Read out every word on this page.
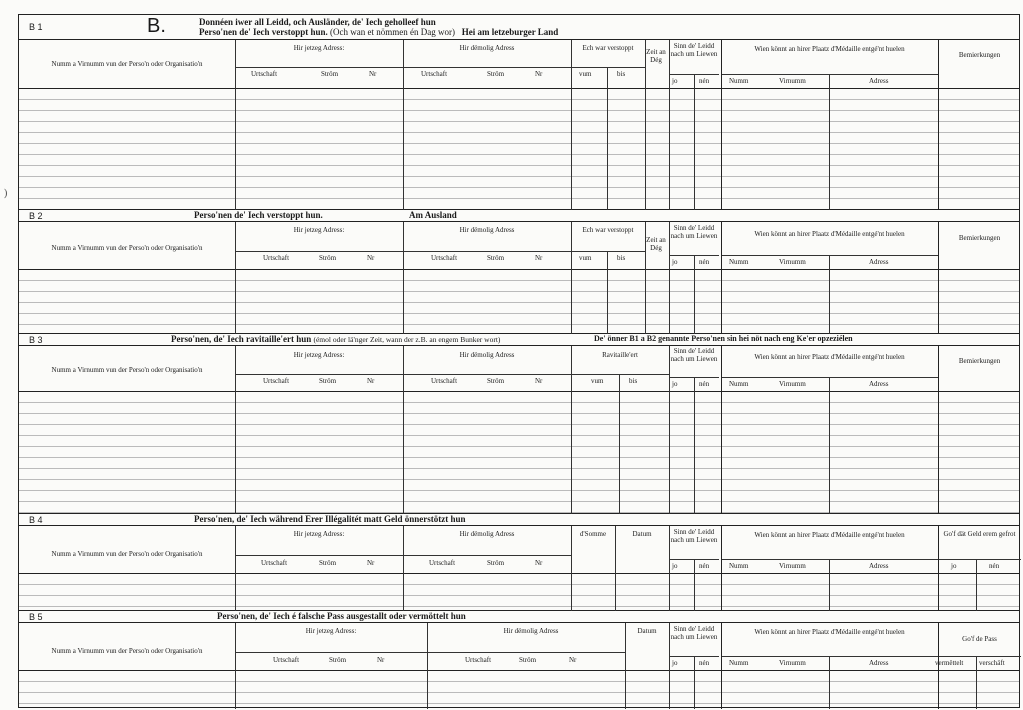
)
B 1	B.	Donnéen iwer all Leidd, och Ausländer, de' Iech geholleef hun
Perso'nen de' Iech verstoppt hun. (Och wan et nömmen én Dag wor) Hei am letzeburger Land
Numm a Virnumm vun der Perso'n oder Organisatio'n
Hir jetzeg Adress:
Urtschaft	Ström	Nr
Hir dëmolig Adress
Urtschaft	Ström	Nr
Ech war verstoppt
vum	bis
Zeit an Dég
Sinn de' Leidd nach um Liewen
jo	nén
Wien könnt an hirer Plaatz d'Médaille entgé'nt huelen
Numm	Virnumm	Adress
Bemierkungen
B 2	Perso'nen de' Iech verstoppt hun.	Am Ausland
Numm a Virnumm vun der Perso'n oder Organisatio'n
Hir jetzeg Adress:
Urtschaft	Ström	Nr
Hir dëmolig Adress
Urtschaft	Ström	Nr
Ech war verstoppt
vum	bis
Zeit an Dég
Sinn de' Leidd nach um Liewen
jo	nén
Wien könnt an hirer Plaatz d'Médaille entgé'nt huelen
Numm	Virnumm	Adress
Bemierkungen
B 3	Perso'nen, de' Iech ravitaille'ert hun (émol oder lä'nger Zeit, wann der z.B. an engem Bunker wort)	De' önner B1 a B2 genannte Perso'nen sin hei nöt nach eng Ke'er opzeziélen
Numm a Virnumm vun der Perso'n oder Organisatio'n
Hir jetzeg Adress:
Urtschaft	Ström	Nr
Hir dëmolig Adress
Urtschaft	Ström	Nr
Ravitaille'ert
vum	bis
Sinn de' Leidd nach um Liewen
jo	nén
Wien könnt an hirer Plaatz d'Médaille entgé'nt huelen
Numm	Virnumm	Adress
Bemierkungen
B 4	Perso'nen, de' Iech während Erer Illégalitét matt Geld önnerstötzt hun
Numm a Virnumm vun der Perso'n oder Organisatio'n
Hir jetzeg Adress:
Urtschaft	Ström	Nr
Hir dëmolig Adress
Urtschaft	Ström	Nr
d'Somme	Datum	Sinn de' Leidd nach um Liewen
jo	nén
Wien könnt an hirer Plaatz d'Médaille entgé'nt huelen
Numm	Virnumm	Adress
Go'f dät Geld erem gefrot
jo	nén
B 5	Perso'nen, de' Iech é falsche Pass ausgestallt oder vermöttelt hun
Numm a Virnumm vun der Perso'n oder Organisatio'n
Hir jetzeg Adress:
Urtschaft	Ström	Nr
Hir dëmolig Adress
Urtschaft	Ström	Nr
Datum	Sinn de' Leidd nach um Liewen
jo	nén
Wien könnt an hirer Plaatz d'Médaille entgé'nt huelen
Numm	Virnumm	Adress
Go'f de Pass
vermëttelt verschäft
